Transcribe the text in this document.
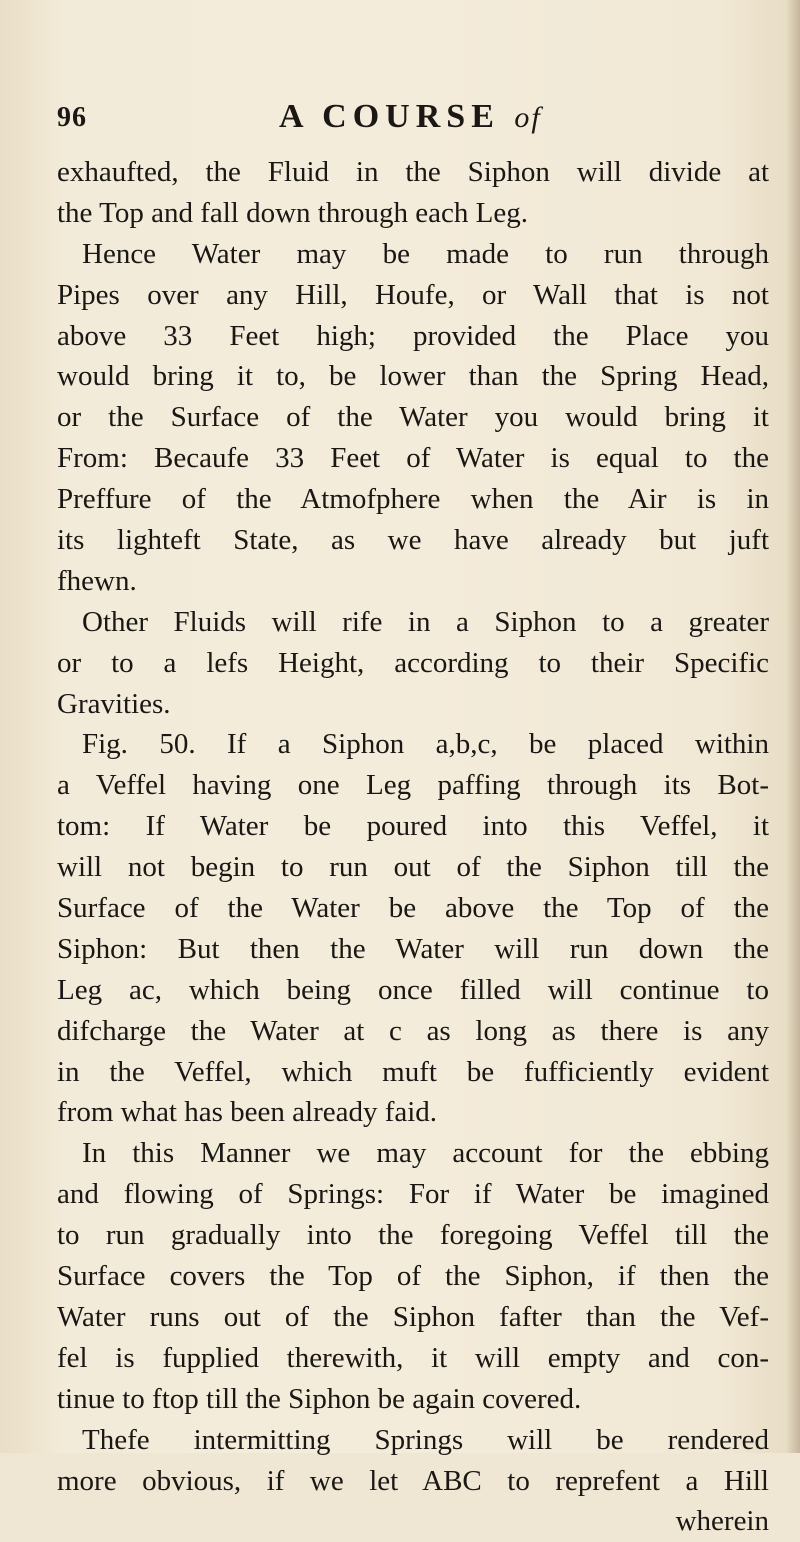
96	A COURSE of
exhaufted, the Fluid in the Siphon will divide at
the Top and fall down through each Leg.
Hence Water may be made to run through
Pipes over any Hill, Houfe, or Wall that is not
above 33 Feet high; provided the Place you
would bring it to, be lower than the Spring Head,
or the Surface of the Water you would bring it
From: Becaufe 33 Feet of Water is equal to the
Preffure of the Atmofphere when the Air is in
its lighteft State, as we have already but juft
fhewn.
Other Fluids will rife in a Siphon to a greater
or to a lefs Height, according to their Specific
Gravities.
Fig. 50. If a Siphon a,b,c, be placed within
a Veffel having one Leg paffing through its Bot-
tom: If Water be poured into this Veffel, it
will not begin to run out of the Siphon till the
Surface of the Water be above the Top of the
Siphon: But then the Water will run down the
Leg ac, which being once filled will continue to
difcharge the Water at c as long as there is any
in the Veffel, which muft be fufficiently evident
from what has been already faid.
In this Manner we may account for the ebbing
and flowing of Springs: For if Water be imagined
to run gradually into the foregoing Veffel till the
Surface covers the Top of the Siphon, if then the
Water runs out of the Siphon fafter than the Vef-
fel is fupplied therewith, it will empty and con-
tinue to ftop till the Siphon be again covered.
Thefe intermitting Springs will be rendered
more obvious, if we let ABC to reprefent a Hill
wherein
